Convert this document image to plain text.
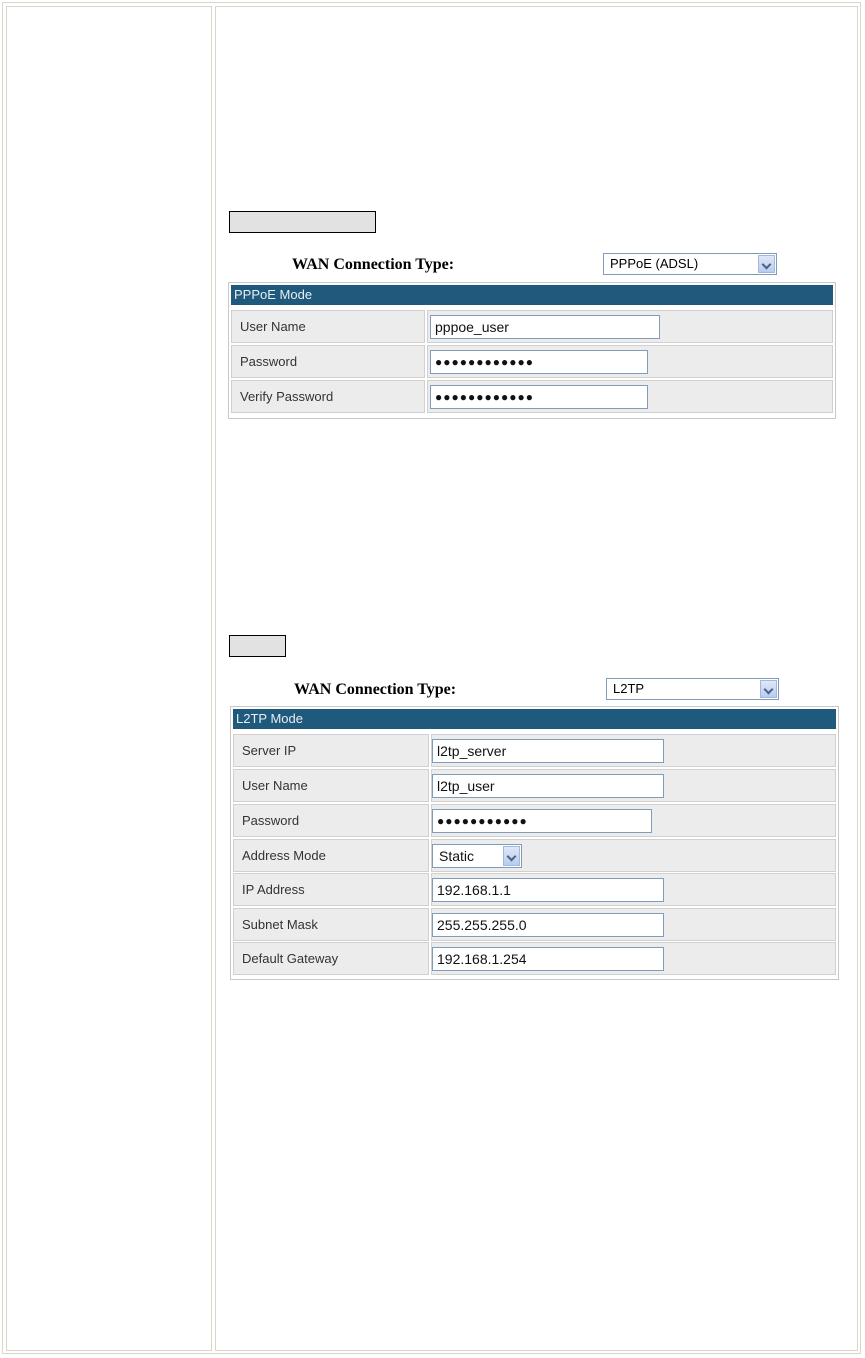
WAN Connection Type:	PPPoE (ADSL)
PPPoE Mode
User Name	pppoe_user
Password	●●●●●●●●●●●●
Verify Password	●●●●●●●●●●●●
WAN Connection Type:	L2TP
L2TP Mode
Server IP	l2tp_server
User Name	l2tp_user
Password	●●●●●●●●●●●
Address Mode	Static
IP Address	192.168.1.1
Subnet Mask	255.255.255.0
Default Gateway	192.168.1.254
